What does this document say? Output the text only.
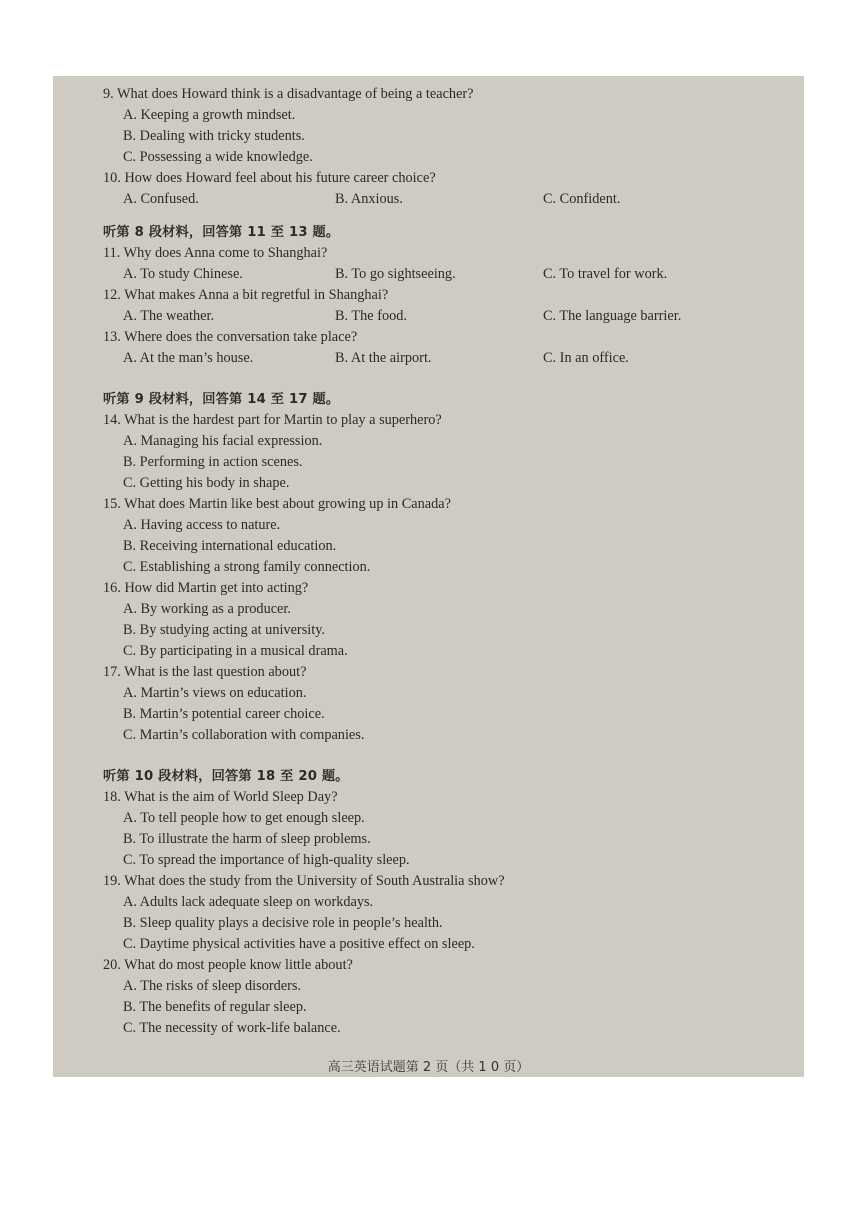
9. What does Howard think is a disadvantage of being a teacher?

A. Keeping a growth mindset.

B. Dealing with tricky students.

C. Possessing a wide knowledge.

10. How does Howard feel about his future career choice?

A. Confused.	B. Anxious.	C. Confident.

听第 8 段材料，回答第 11 至 13 题。

11. Why does Anna come to Shanghai?

A. To study Chinese.	B. To go sightseeing.	C. To travel for work.

12. What makes Anna a bit regretful in Shanghai?

A. The weather.	B. The food.	C. The language barrier.

13. Where does the conversation take place?

A. At the man’s house.	B. At the airport.	C. In an office.

听第 9 段材料，回答第 14 至 17 题。

14. What is the hardest part for Martin to play a superhero?

A. Managing his facial expression.

B. Performing in action scenes.

C. Getting his body in shape.

15. What does Martin like best about growing up in Canada?

A. Having access to nature.

B. Receiving international education.

C. Establishing a strong family connection.

16. How did Martin get into acting?

A. By working as a producer.

B. By studying acting at university.

C. By participating in a musical drama.

17. What is the last question about?

A. Martin’s views on education.

B. Martin’s potential career choice.

C. Martin’s collaboration with companies.

听第 10 段材料，回答第 18 至 20 题。

18. What is the aim of World Sleep Day?

A. To tell people how to get enough sleep.

B. To illustrate the harm of sleep problems.

C. To spread the importance of high-quality sleep.

19. What does the study from the University of South Australia show?

A. Adults lack adequate sleep on workdays.

B. Sleep quality plays a decisive role in people’s health.

C. Daytime physical activities have a positive effect on sleep.

20. What do most people know little about?

A. The risks of sleep disorders.

B. The benefits of regular sleep.

C. The necessity of work-life balance.

高三英语试题第 2 页（共 1 0 页）
